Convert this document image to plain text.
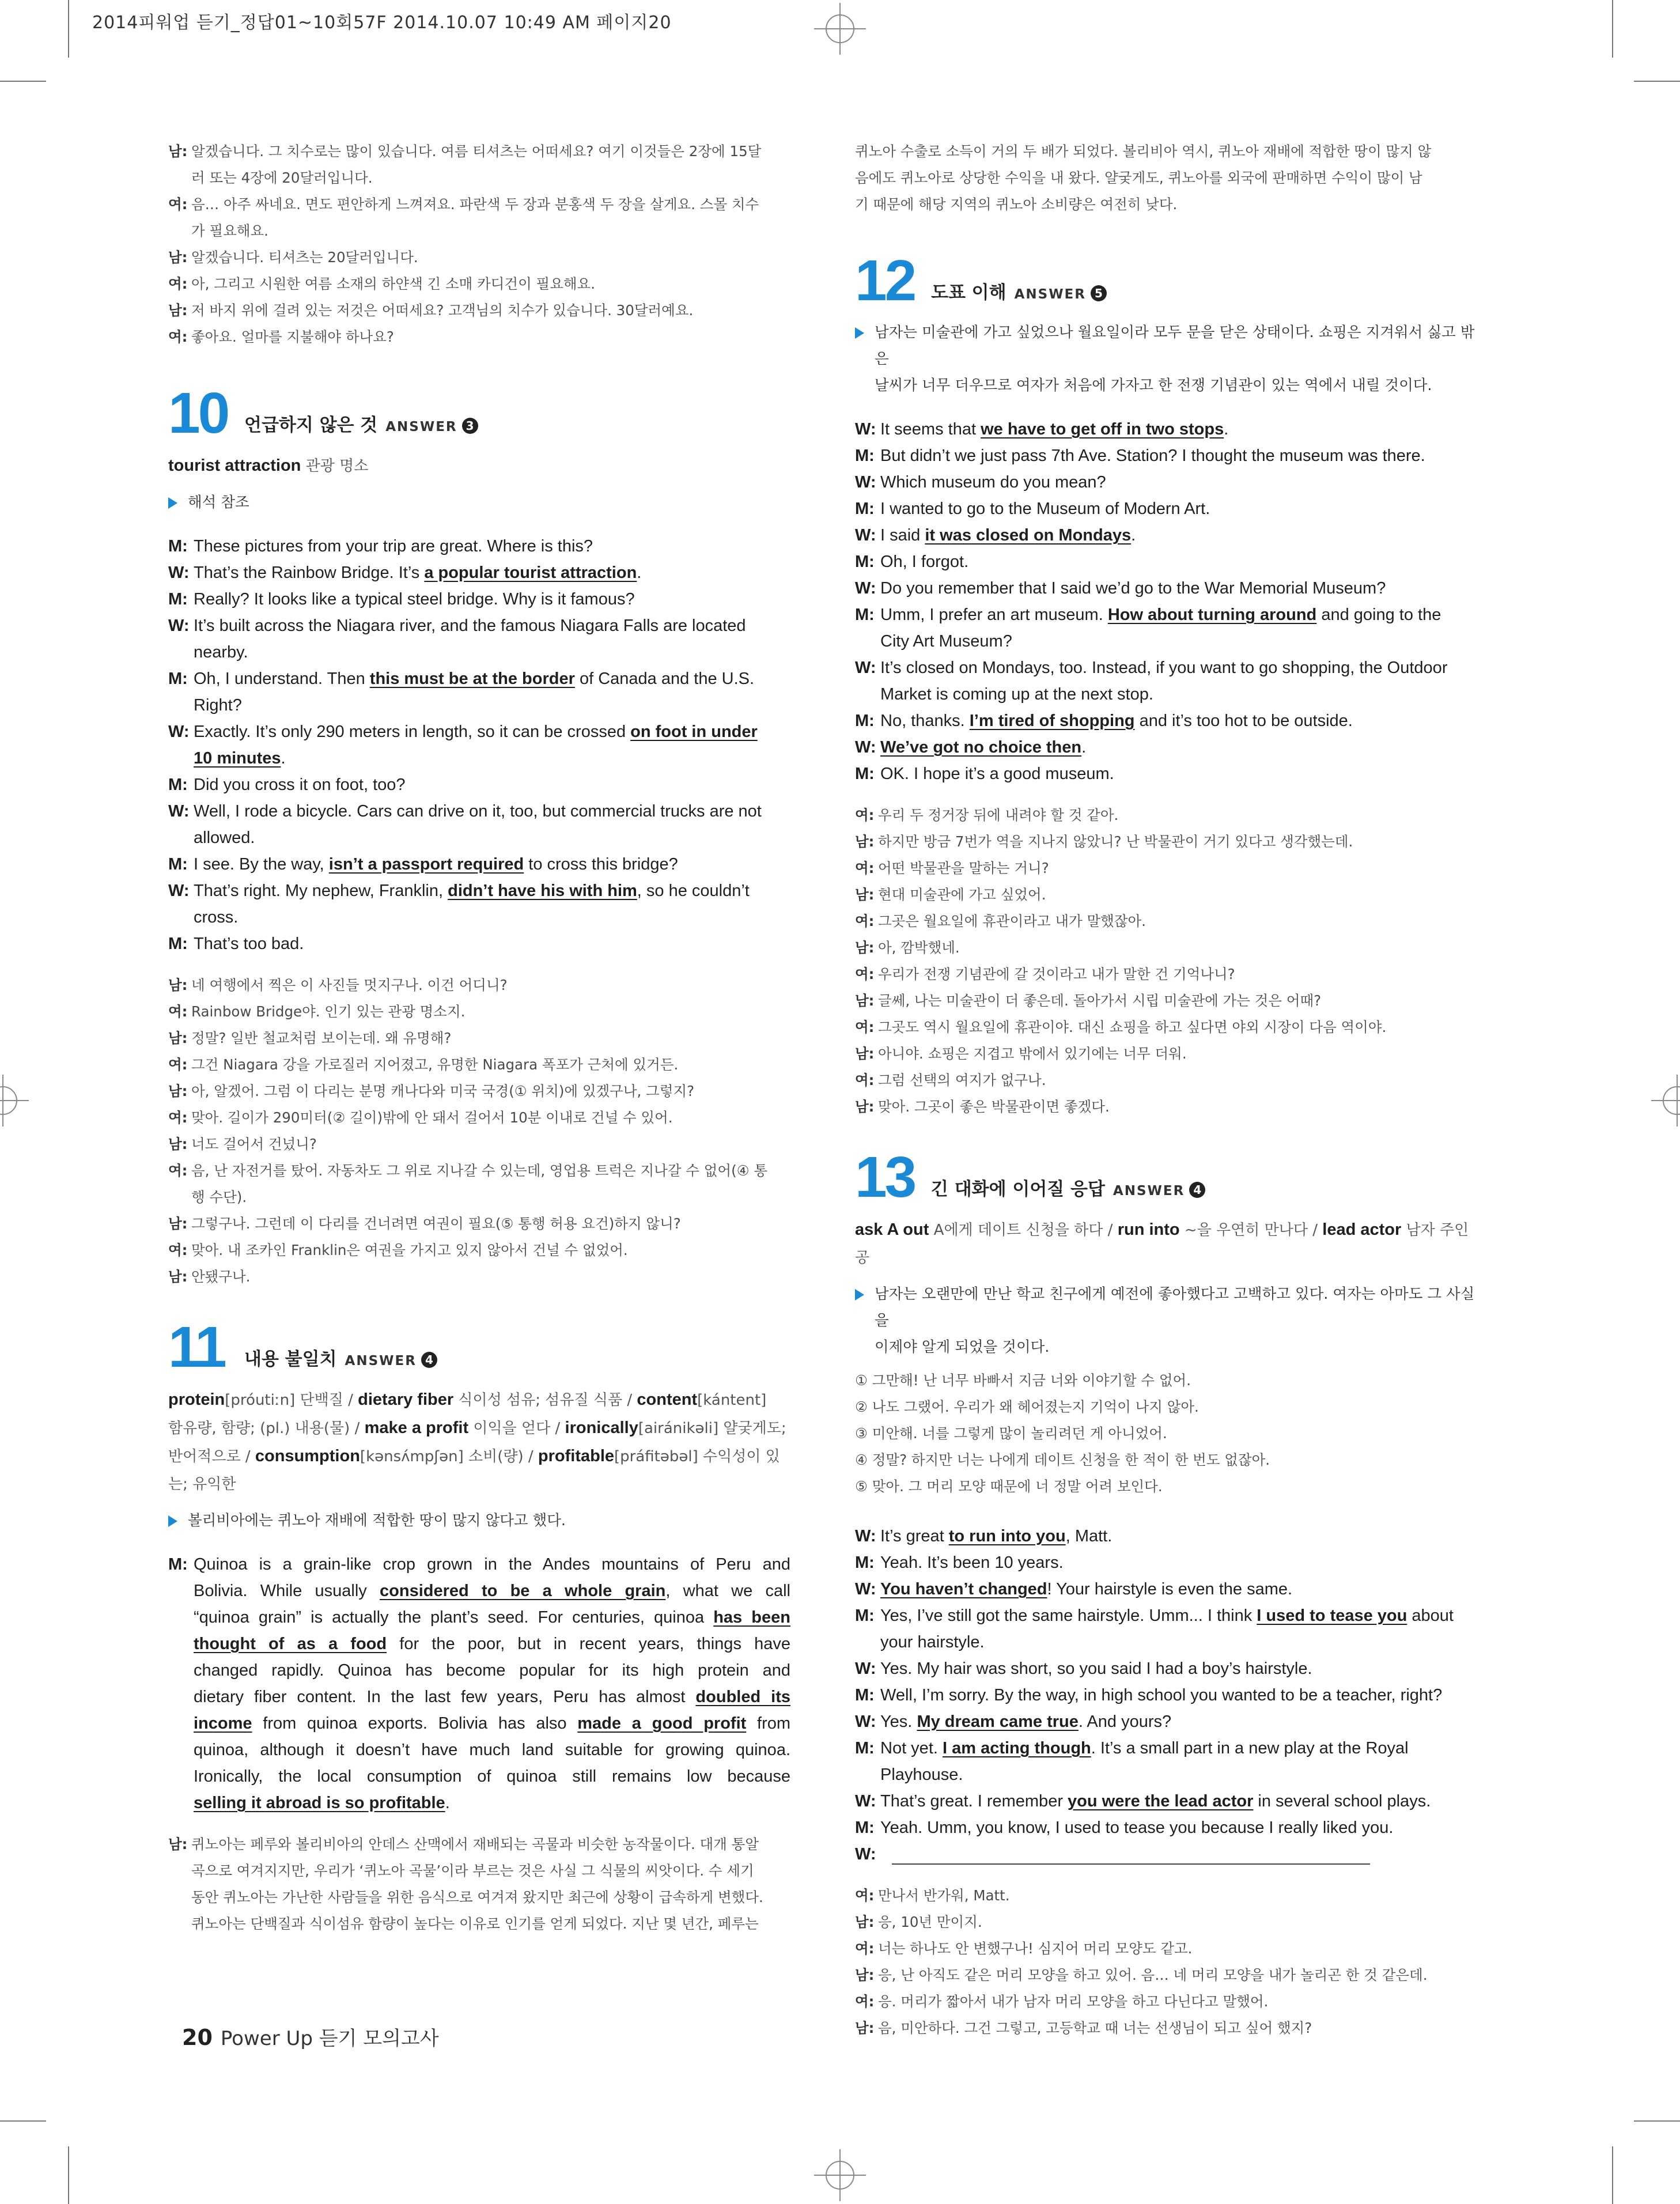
2014피워업 듣기_정답01~10회57F 2014.10.07 10:49 AM 페이지20
남: 알겠습니다. 그 치수로는 많이 있습니다. 여름 티셔츠는 어떠세요? 여기 이것들은 2장에 15달
러 또는 4장에 20달러입니다.
여: 음… 아주 싸네요. 면도 편안하게 느껴져요. 파란색 두 장과 분홍색 두 장을 살게요. 스몰 치수
가 필요해요.
남: 알겠습니다. 티셔츠는 20달러입니다.
여: 아, 그리고 시원한 여름 소재의 하얀색 긴 소매 카디건이 필요해요.
남: 저 바지 위에 걸려 있는 저것은 어떠세요? 고객님의 치수가 있습니다. 30달러예요.
여: 좋아요. 얼마를 지불해야 하나요?
10 언급하지 않은 것 ANSWER 3
tourist attraction 관광 명소
해석 참조
M: These pictures from your trip are great. Where is this?
W: That’s the Rainbow Bridge. It’s a popular tourist attraction.
M: Really? It looks like a typical steel bridge. Why is it famous?
W: It’s built across the Niagara river, and the famous Niagara Falls are located
nearby.
M: Oh, I understand. Then this must be at the border of Canada and the U.S.
Right?
W: Exactly. It’s only 290 meters in length, so it can be crossed on foot in under
10 minutes.
M: Did you cross it on foot, too?
W: Well, I rode a bicycle. Cars can drive on it, too, but commercial trucks are not
allowed.
M: I see. By the way, isn’t a passport required to cross this bridge?
W: That’s right. My nephew, Franklin, didn’t have his with him, so he couldn’t
cross.
M: That’s too bad.
남: 네 여행에서 찍은 이 사진들 멋지구나. 이건 어디니?
여: Rainbow Bridge야. 인기 있는 관광 명소지.
남: 정말? 일반 철교처럼 보이는데. 왜 유명해?
여: 그건 Niagara 강을 가로질러 지어졌고, 유명한 Niagara 폭포가 근처에 있거든.
남: 아, 알겠어. 그럼 이 다리는 분명 캐나다와 미국 국경(① 위치)에 있겠구나, 그렇지?
여: 맞아. 길이가 290미터(② 길이)밖에 안 돼서 걸어서 10분 이내로 건널 수 있어.
남: 너도 걸어서 건넜니?
여: 음, 난 자전거를 탔어. 자동차도 그 위로 지나갈 수 있는데, 영업용 트럭은 지나갈 수 없어(④ 통
행 수단).
남: 그렇구나. 그런데 이 다리를 건너려면 여권이 필요(⑤ 통행 허용 요건)하지 않니?
여: 맞아. 내 조카인 Franklin은 여권을 가지고 있지 않아서 건널 수 없었어.
남: 안됐구나.
11 내용 불일치 ANSWER 4
protein[próutiːn] 단백질 / dietary fiber 식이성 섬유; 섬유질 식품 / content[kántent]
함유량, 함량; (pl.) 내용(물) / make a profit 이익을 얻다 / ironically[airánikəli] 얄궂게도;
반어적으로 / consumption[kənsʌ́mpʃən] 소비(량) / profitable[práfitəbəl] 수익성이 있
는; 유익한
볼리비아에는 퀴노아 재배에 적합한 땅이 많지 않다고 했다.
M: Quinoa is a grain-like crop grown in the Andes mountains of Peru and
Bolivia. While usually considered to be a whole grain, what we call
“quinoa grain” is actually the plant’s seed. For centuries, quinoa has been
thought of as a food for the poor, but in recent years, things have
changed rapidly. Quinoa has become popular for its high protein and
dietary fiber content. In the last few years, Peru has almost doubled its
income from quinoa exports. Bolivia has also made a good profit from
quinoa, although it doesn’t have much land suitable for growing quinoa.
Ironically, the local consumption of quinoa still remains low because
selling it abroad is so profitable.
남: 퀴노아는 페루와 볼리비아의 안데스 산맥에서 재배되는 곡물과 비슷한 농작물이다. 대개 통알
곡으로 여겨지지만, 우리가 ‘퀴노아 곡물’이라 부르는 것은 사실 그 식물의 씨앗이다. 수 세기
동안 퀴노아는 가난한 사람들을 위한 음식으로 여겨져 왔지만 최근에 상황이 급속하게 변했다.
퀴노아는 단백질과 식이섬유 함량이 높다는 이유로 인기를 얻게 되었다. 지난 몇 년간, 페루는
퀴노아 수출로 소득이 거의 두 배가 되었다. 볼리비아 역시, 퀴노아 재배에 적합한 땅이 많지 않
음에도 퀴노아로 상당한 수익을 내 왔다. 얄궂게도, 퀴노아를 외국에 판매하면 수익이 많이 남
기 때문에 해당 지역의 퀴노아 소비량은 여전히 낮다.
12 도표 이해 ANSWER 5
남자는 미술관에 가고 싶었으나 월요일이라 모두 문을 닫은 상태이다. 쇼핑은 지겨워서 싫고 밖은
날씨가 너무 더우므로 여자가 처음에 가자고 한 전쟁 기념관이 있는 역에서 내릴 것이다.
W: It seems that we have to get off in two stops.
M: But didn’t we just pass 7th Ave. Station? I thought the museum was there.
W: Which museum do you mean?
M: I wanted to go to the Museum of Modern Art.
W: I said it was closed on Mondays.
M: Oh, I forgot.
W: Do you remember that I said we’d go to the War Memorial Museum?
M: Umm, I prefer an art museum. How about turning around and going to the
City Art Museum?
W: It’s closed on Mondays, too. Instead, if you want to go shopping, the Outdoor
Market is coming up at the next stop.
M: No, thanks. I’m tired of shopping and it’s too hot to be outside.
W: We’ve got no choice then.
M: OK. I hope it’s a good museum.
여: 우리 두 정거장 뒤에 내려야 할 것 같아.
남: 하지만 방금 7번가 역을 지나지 않았니? 난 박물관이 거기 있다고 생각했는데.
여: 어떤 박물관을 말하는 거니?
남: 현대 미술관에 가고 싶었어.
여: 그곳은 월요일에 휴관이라고 내가 말했잖아.
남: 아, 깜박했네.
여: 우리가 전쟁 기념관에 갈 것이라고 내가 말한 건 기억나니?
남: 글쎄, 나는 미술관이 더 좋은데. 돌아가서 시립 미술관에 가는 것은 어때?
여: 그곳도 역시 월요일에 휴관이야. 대신 쇼핑을 하고 싶다면 야외 시장이 다음 역이야.
남: 아니야. 쇼핑은 지겹고 밖에서 있기에는 너무 더워.
여: 그럼 선택의 여지가 없구나.
남: 맞아. 그곳이 좋은 박물관이면 좋겠다.
13 긴 대화에 이어질 응답 ANSWER 4
ask A out A에게 데이트 신청을 하다 / run into ~을 우연히 만나다 / lead actor 남자 주인공
남자는 오랜만에 만난 학교 친구에게 예전에 좋아했다고 고백하고 있다. 여자는 아마도 그 사실을
이제야 알게 되었을 것이다.
① 그만해! 난 너무 바빠서 지금 너와 이야기할 수 없어.
② 나도 그랬어. 우리가 왜 헤어졌는지 기억이 나지 않아.
③ 미안해. 너를 그렇게 많이 놀리려던 게 아니었어.
④ 정말? 하지만 너는 나에게 데이트 신청을 한 적이 한 번도 없잖아.
⑤ 맞아. 그 머리 모양 때문에 너 정말 어려 보인다.
W: It’s great to run into you, Matt.
M: Yeah. It’s been 10 years.
W: You haven’t changed! Your hairstyle is even the same.
M: Yes, I’ve still got the same hairstyle. Umm... I think I used to tease you about
your hairstyle.
W: Yes. My hair was short, so you said I had a boy’s hairstyle.
M: Well, I’m sorry. By the way, in high school you wanted to be a teacher, right?
W: Yes. My dream came true. And yours?
M: Not yet. I am acting though. It’s a small part in a new play at the Royal
Playhouse.
W: That’s great. I remember you were the lead actor in several school plays.
M: Yeah. Umm, you know, I used to tease you because I really liked you.
W:
여: 만나서 반가워, Matt.
남: 응, 10년 만이지.
여: 너는 하나도 안 변했구나! 심지어 머리 모양도 같고.
남: 응, 난 아직도 같은 머리 모양을 하고 있어. 음… 네 머리 모양을 내가 놀리곤 한 것 같은데.
여: 응. 머리가 짧아서 내가 남자 머리 모양을 하고 다닌다고 말했어.
남: 음, 미안하다. 그건 그렇고, 고등학교 때 너는 선생님이 되고 싶어 했지?
20 Power Up 듣기 모의고사
